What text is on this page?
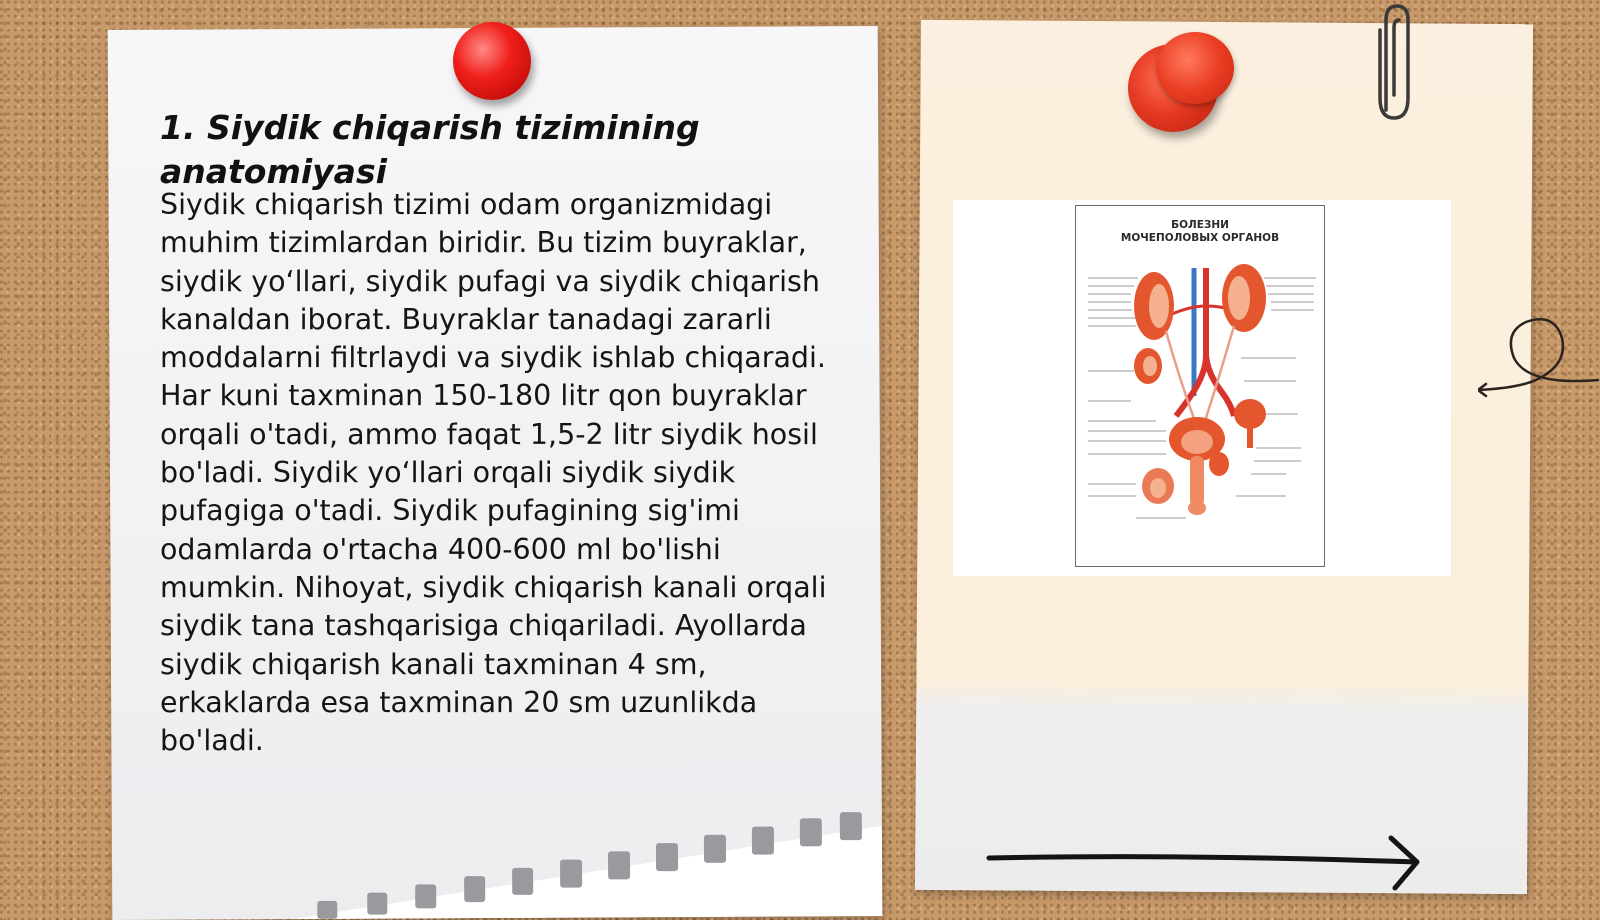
1. Siydik chiqarish tizimining anatomiyasi

Siydik chiqarish tizimi odam organizmidagi muhim tizimlardan biridir. Bu tizim buyraklar, siydik yo‘llari, siydik pufagi va siydik chiqarish kanaldan iborat. Buyraklar tanadagi zararli moddalarni filtrlaydi va siydik ishlab chiqaradi. Har kuni taxminan 150-180 litr qon buyraklar orqali o'tadi, ammo faqat 1,5-2 litr siydik hosil bo'ladi. Siydik yo‘llari orqali siydik siydik pufagiga o'tadi. Siydik pufagining sig'imi odamlarda o'rtacha 400-600 ml bo'lishi mumkin. Nihoyat, siydik chiqarish kanali orqali siydik tana tashqarisiga chiqariladi. Ayollarda siydik chiqarish kanali taxminan 4 sm, erkaklarda esa taxminan 20 sm uzunlikda bo'ladi.

БОЛЕЗНИ
МОЧЕПОЛОВЫХ ОРГАНОВ
